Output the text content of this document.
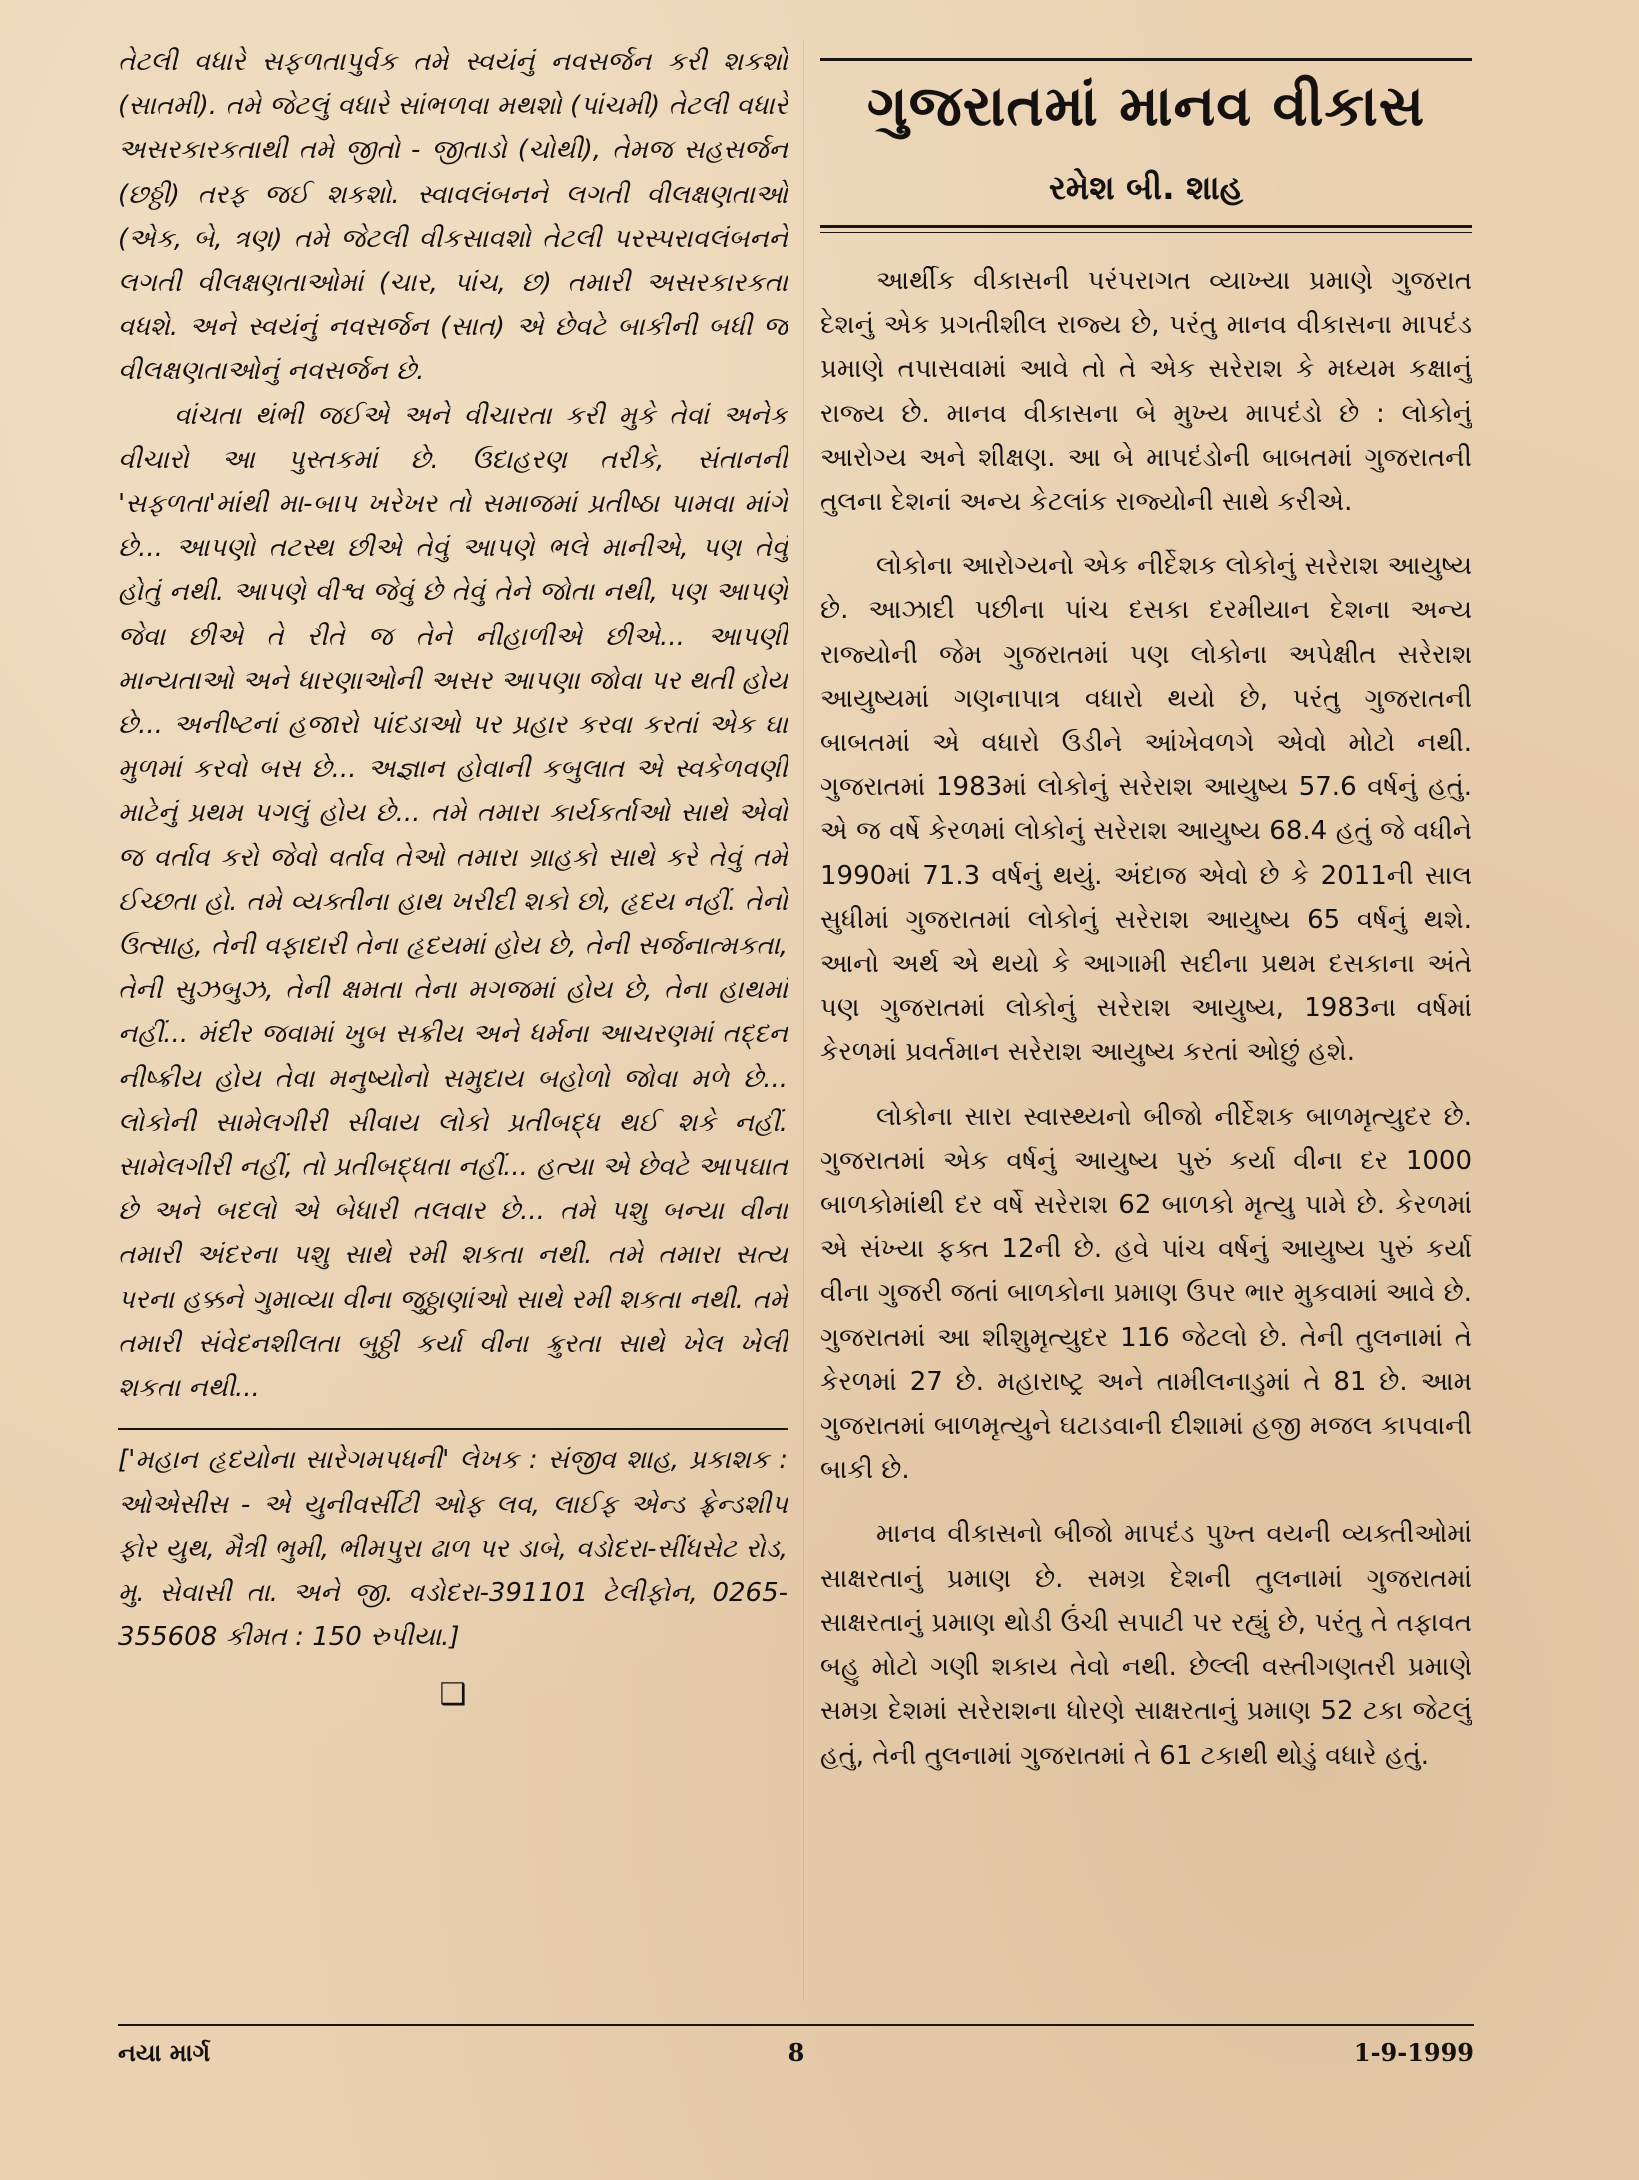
તેટલી વધારે સફળતાપુર્વક તમે સ્વયંનું નવસર્જન કરી શકશો (સાતમી). તમે જેટલું વધારે સાંભળવા મથશો (પાંચમી) તેટલી વધારે અસરકારકતાથી તમે જીતો - જીતાડો (ચોથી), તેમજ સહસર્જન (છઠ્ઠી) તરફ જઈ શકશો. સ્વાવલંબનને લગતી વીલક્ષણતાઓ (એક, બે, ત્રણ) તમે જેટલી વીકસાવશો તેટલી પરસ્પરાવલંબનને લગતી વીલક્ષણતાઓમાં (ચાર, પાંચ, છ) તમારી અસરકારકતા વધશે. અને સ્વયંનું નવસર્જન (સાત) એ છેવટે બાકીની બધી જ વીલક્ષણતાઓનું નવસર્જન છે.

વાંચતા થંભી જઈએ અને વીચારતા કરી મુકે તેવાં અનેક વીચારો આ પુસ્તકમાં છે. ઉદાહરણ તરીકે, સંતાનની 'સફળતા'માંથી મા-બાપ ખરેખર તો સમાજમાં પ્રતીષ્ઠા પામવા માંગે છે... આપણો તટસ્થ છીએ તેવું આપણે ભલે માનીએ, પણ તેવું હોતું નથી. આપણે વીશ્વ જેવું છે તેવું તેને જોતા નથી, પણ આપણે જેવા છીએ તે રીતે જ તેને નીહાળીએ છીએ... આપણી માન્યતાઓ અને ધારણાઓની અસર આપણા જોવા પર થતી હોય છે... અનીષ્ટનાં હજારો પાંદડાઓ પર પ્રહાર કરવા કરતાં એક ઘા મુળમાં કરવો બસ છે... અજ્ઞાન હોવાની કબુલાત એ સ્વકેળવણી માટેનું પ્રથમ પગલું હોય છે... તમે તમારા કાર્યકર્તાઓ સાથે એવો જ વર્તાવ કરો જેવો વર્તાવ તેઓ તમારા ગ્રાહકો સાથે કરે તેવું તમે ઈચ્છતા હો. તમે વ્યક્તીના હાથ ખરીદી શકો છો, હૃદય નહીં. તેનો ઉત્સાહ, તેની વફાદારી તેના હૃદયમાં હોય છે, તેની સર્જનાત્મકતા, તેની સુઝબુઝ, તેની ક્ષમતા તેના મગજમાં હોય છે, તેના હાથમાં નહીં... મંદીર જવામાં ખુબ સક્રીય અને ધર્મના આચરણમાં તદ્દન નીષ્ક્રીય હોય તેવા મનુષ્યોનો સમુદાય બહોળો જોવા મળે છે... લોકોની સામેલગીરી સીવાય લોકો પ્રતીબદ્ધ થઈ શકે નહીં. સામેલગીરી નહીં, તો પ્રતીબદ્ધતા નહીં... હત્યા એ છેવટે આપઘાત છે અને બદલો એ બેધારી તલવાર છે... તમે પશુ બન્યા વીના તમારી અંદરના પશુ સાથે રમી શકતા નથી. તમે તમારા સત્ય પરના હક્કને ગુમાવ્યા વીના જુઠ્ઠાણાંઓ સાથે રમી શકતા નથી. તમે તમારી સંવેદનશીલતા બુઠ્ઠી કર્યા વીના ક્રુરતા સાથે ખેલ ખેલી શકતા નથી...

['મહાન હૃદયોના સારેગમપધની' લેખક : સંજીવ શાહ, પ્રકાશક : ઓએસીસ - એ યુનીવર્સીટી ઓફ લવ, લાઈફ એન્ડ ફ્રેન્ડશીપ ફોર યુથ, મૈત્રી ભુમી, ભીમપુરા ઢાળ પર ડાબે, વડોદરા-સીંધસેટ રોડ, મુ. સેવાસી તા. અને જી. વડોદરા-391101 ટેલીફોન, 0265-355608 કીમત : 150 રુપીયા.]

❑
ગુજરાતમાં માનવ વીકાસ
રમેશ બી. શાહ

આર્થીક વીકાસની પરંપરાગત વ્યાખ્યા પ્રમાણે ગુજરાત દેશનું એક પ્રગતીશીલ રાજ્ય છે, પરંતુ માનવ વીકાસના માપદંડ પ્રમાણે તપાસવામાં આવે તો તે એક સરેરાશ કે મધ્યમ કક્ષાનું રાજ્ય છે. માનવ વીકાસના બે મુખ્ય માપદંડો છે : લોકોનું આરોગ્ય અને શીક્ષણ. આ બે માપદંડોની બાબતમાં ગુજરાતની તુલના દેશનાં અન્ય કેટલાંક રાજ્યોની સાથે કરીએ.

લોકોના આરોગ્યનો એક નીર્દેશક લોકોનું સરેરાશ આયુષ્ય છે. આઝાદી પછીના પાંચ દસકા દરમીયાન દેશના અન્ય રાજ્યોની જેમ ગુજરાતમાં પણ લોકોના અપેક્ષીત સરેરાશ આયુષ્યમાં ગણનાપાત્ર વધારો થયો છે, પરંતુ ગુજરાતની બાબતમાં એ વધારો ઉડીને આંખેવળગે એવો મોટો નથી. ગુજરાતમાં 1983માં લોકોનું સરેરાશ આયુષ્ય 57.6 વર્ષનું હતું. એ જ વર્ષે કેરળમાં લોકોનું સરેરાશ આયુષ્ય 68.4 હતું જે વધીને 1990માં 71.3 વર્ષનું થયું. અંદાજ એવો છે કે 2011ની સાલ સુધીમાં ગુજરાતમાં લોકોનું સરેરાશ આયુષ્ય 65 વર્ષનું થશે. આનો અર્થ એ થયો કે આગામી સદીના પ્રથમ દસકાના અંતે પણ ગુજરાતમાં લોકોનું સરેરાશ આયુષ્ય, 1983ના વર્ષમાં કેરળમાં પ્રવર્તમાન સરેરાશ આયુષ્ય કરતાં ઓછું હશે.

લોકોના સારા સ્વાસ્થ્યનો બીજો નીર્દેશક બાળમૃત્યુદર છે. ગુજરાતમાં એક વર્ષનું આયુષ્ય પુરું કર્યા વીના દર 1000 બાળકોમાંથી દર વર્ષે સરેરાશ 62 બાળકો મૃત્યુ પામે છે. કેરળમાં એ સંખ્યા ફક્ત 12ની છે. હવે પાંચ વર્ષનું આયુષ્ય પુરું કર્યા વીના ગુજરી જતાં બાળકોના પ્રમાણ ઉપર ભાર મુકવામાં આવે છે. ગુજરાતમાં આ શીશુમૃત્યુદર 116 જેટલો છે. તેની તુલનામાં તે કેરળમાં 27 છે. મહારાષ્ટ્ર અને તામીલનાડુમાં તે 81 છે. આમ ગુજરાતમાં બાળમૃત્યુને ઘટાડવાની દીશામાં હજી મજલ કાપવાની બાકી છે.

માનવ વીકાસનો બીજો માપદંડ પુખ્ત વયની વ્યક્તીઓમાં સાક્ષરતાનું પ્રમાણ છે. સમગ્ર દેશની તુલનામાં ગુજરાતમાં સાક્ષરતાનું પ્રમાણ થોડી ઉંચી સપાટી પર રહ્યું છે, પરંતુ તે તફાવત બહુ મોટો ગણી શકાય તેવો નથી. છેલ્લી વસ્તીગણતરી પ્રમાણે સમગ્ર દેશમાં સરેરાશના ધોરણે સાક્ષરતાનું પ્રમાણ 52 ટકા જેટલું હતું, તેની તુલનામાં ગુજરાતમાં તે 61 ટકાથી થોડું વધારે હતું.

નયા માર્ગ	8	1-9-1999
